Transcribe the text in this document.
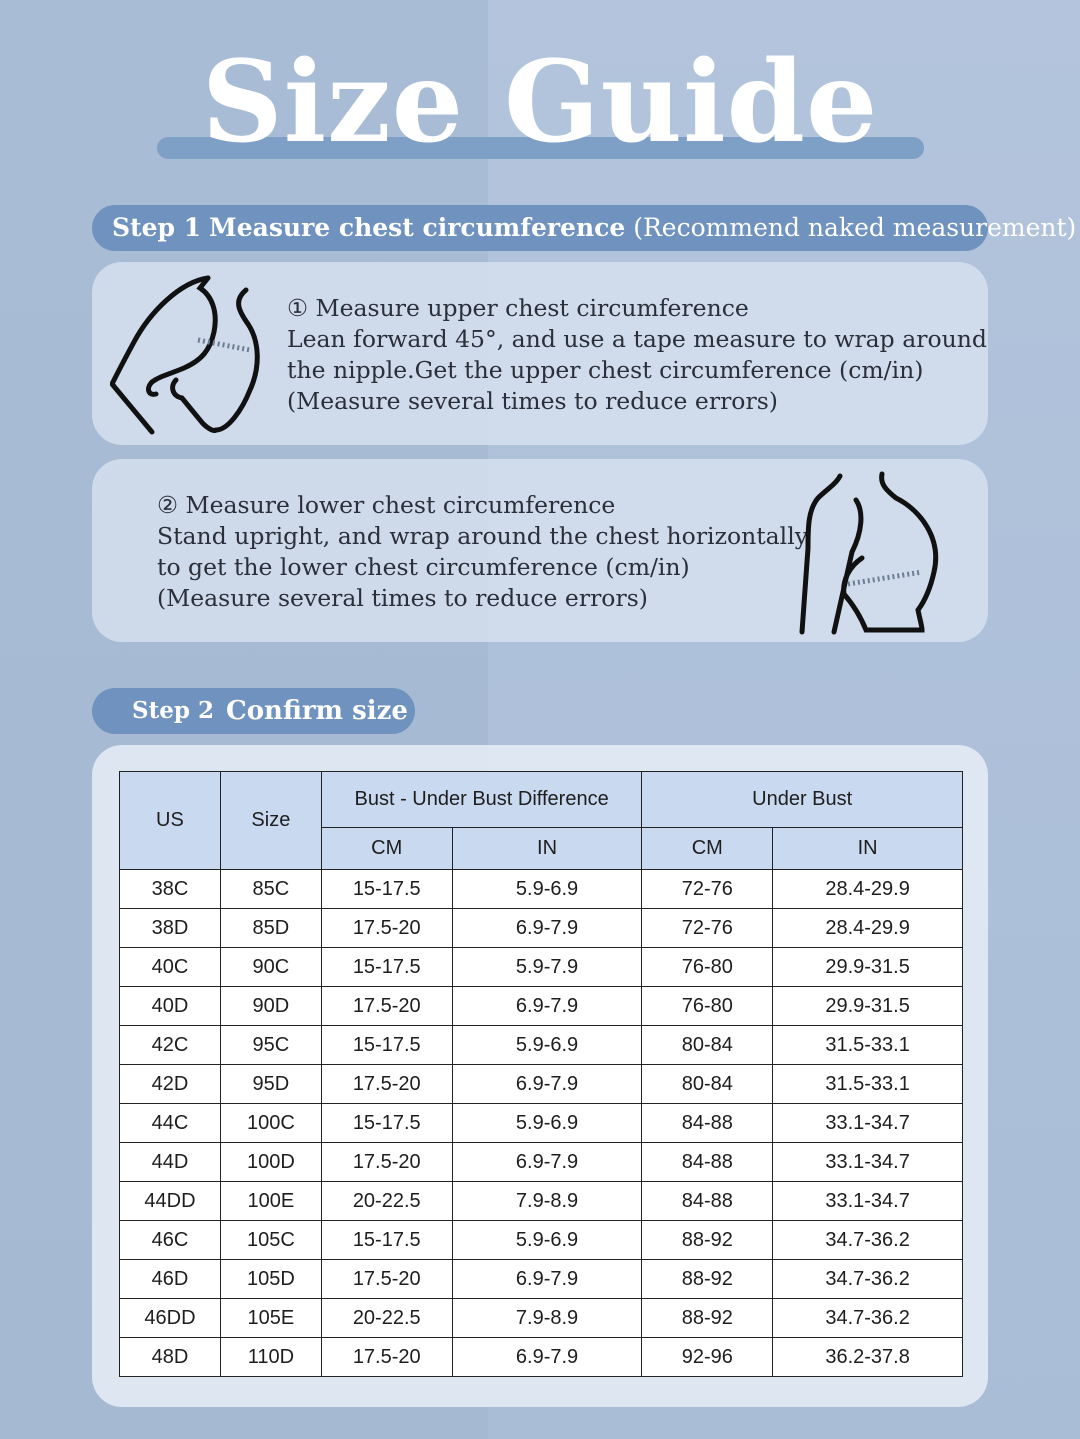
Size Guide
Step 1 Measure chest circumference (Recommend naked measurement)
① Measure upper chest circumference
Lean forward 45°, and use a tape measure to wrap around
the nipple.Get the upper chest circumference (cm/in)
(Measure several times to reduce errors)
② Measure lower chest circumference
Stand upright, and wrap around the chest horizontally
to get the lower chest circumference (cm/in)
(Measure several times to reduce errors)
Step 2 Confirm size
US	Size	Bust - Under Bust Difference		Under Bust	
		CM	IN	CM	IN
38C	85C	15-17.5	5.9-6.9	72-76	28.4-29.9
38D	85D	17.5-20	6.9-7.9	72-76	28.4-29.9
40C	90C	15-17.5	5.9-7.9	76-80	29.9-31.5
40D	90D	17.5-20	6.9-7.9	76-80	29.9-31.5
42C	95C	15-17.5	5.9-6.9	80-84	31.5-33.1
42D	95D	17.5-20	6.9-7.9	80-84	31.5-33.1
44C	100C	15-17.5	5.9-6.9	84-88	33.1-34.7
44D	100D	17.5-20	6.9-7.9	84-88	33.1-34.7
44DD	100E	20-22.5	7.9-8.9	84-88	33.1-34.7
46C	105C	15-17.5	5.9-6.9	88-92	34.7-36.2
46D	105D	17.5-20	6.9-7.9	88-92	34.7-36.2
46DD	105E	20-22.5	7.9-8.9	88-92	34.7-36.2
48D	110D	17.5-20	6.9-7.9	92-96	36.2-37.8
